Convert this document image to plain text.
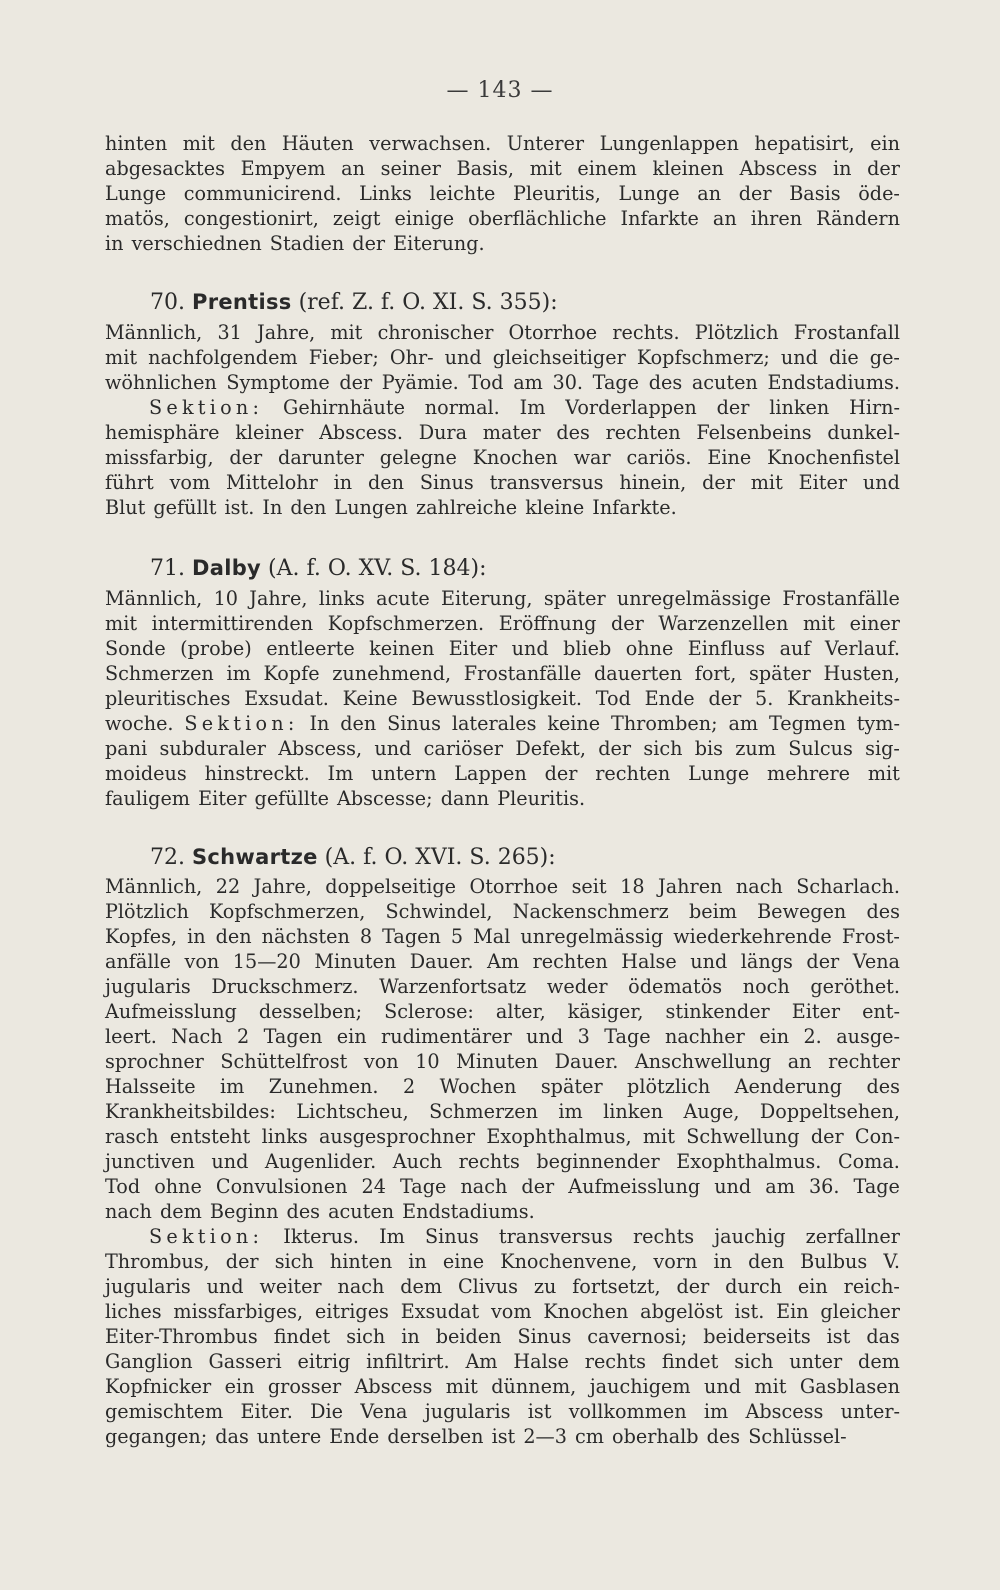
— 143 —
hinten mit den Häuten verwachsen. Unterer Lungenlappen hepatisirt, ein
abgesacktes Empyem an seiner Basis, mit einem kleinen Abscess in der
Lunge communicirend. Links leichte Pleuritis, Lunge an der Basis öde-
matös, congestionirt, zeigt einige oberflächliche Infarkte an ihren Rändern
in verschiednen Stadien der Eiterung.
70. Prentiss (ref. Z. f. O. XI. S. 355):
Männlich, 31 Jahre, mit chronischer Otorrhoe rechts. Plötzlich Frostanfall
mit nachfolgendem Fieber; Ohr- und gleichseitiger Kopfschmerz; und die ge-
wöhnlichen Symptome der Pyämie. Tod am 30. Tage des acuten Endstadiums.
Sektion: Gehirnhäute normal. Im Vorderlappen der linken Hirn-
hemisphäre kleiner Abscess. Dura mater des rechten Felsenbeins dunkel-
missfarbig, der darunter gelegne Knochen war cariös. Eine Knochenfistel
führt vom Mittelohr in den Sinus transversus hinein, der mit Eiter und
Blut gefüllt ist. In den Lungen zahlreiche kleine Infarkte.
71. Dalby (A. f. O. XV. S. 184):
Männlich, 10 Jahre, links acute Eiterung, später unregelmässige Frostanfälle
mit intermittirenden Kopfschmerzen. Eröffnung der Warzenzellen mit einer
Sonde (probe) entleerte keinen Eiter und blieb ohne Einfluss auf Verlauf.
Schmerzen im Kopfe zunehmend, Frostanfälle dauerten fort, später Husten,
pleuritisches Exsudat. Keine Bewusstlosigkeit. Tod Ende der 5. Krankheits-
woche. Sektion: In den Sinus laterales keine Thromben; am Tegmen tym-
pani subduraler Abscess, und cariöser Defekt, der sich bis zum Sulcus sig-
moideus hinstreckt. Im untern Lappen der rechten Lunge mehrere mit
fauligem Eiter gefüllte Abscesse; dann Pleuritis.
72. Schwartze (A. f. O. XVI. S. 265):
Männlich, 22 Jahre, doppelseitige Otorrhoe seit 18 Jahren nach Scharlach.
Plötzlich Kopfschmerzen, Schwindel, Nackenschmerz beim Bewegen des
Kopfes, in den nächsten 8 Tagen 5 Mal unregelmässig wiederkehrende Frost-
anfälle von 15—20 Minuten Dauer. Am rechten Halse und längs der Vena
jugularis Druckschmerz. Warzenfortsatz weder ödematös noch geröthet.
Aufmeisslung desselben; Sclerose: alter, käsiger, stinkender Eiter ent-
leert. Nach 2 Tagen ein rudimentärer und 3 Tage nachher ein 2. ausge-
sprochner Schüttelfrost von 10 Minuten Dauer. Anschwellung an rechter
Halsseite im Zunehmen. 2 Wochen später plötzlich Aenderung des
Krankheitsbildes: Lichtscheu, Schmerzen im linken Auge, Doppeltsehen,
rasch entsteht links ausgesprochner Exophthalmus, mit Schwellung der Con-
junctiven und Augenlider. Auch rechts beginnender Exophthalmus. Coma.
Tod ohne Convulsionen 24 Tage nach der Aufmeisslung und am 36. Tage
nach dem Beginn des acuten Endstadiums.
Sektion: Ikterus. Im Sinus transversus rechts jauchig zerfallner
Thrombus, der sich hinten in eine Knochenvene, vorn in den Bulbus V.
jugularis und weiter nach dem Clivus zu fortsetzt, der durch ein reich-
liches missfarbiges, eitriges Exsudat vom Knochen abgelöst ist. Ein gleicher
Eiter-Thrombus findet sich in beiden Sinus cavernosi; beiderseits ist das
Ganglion Gasseri eitrig infiltrirt. Am Halse rechts findet sich unter dem
Kopfnicker ein grosser Abscess mit dünnem, jauchigem und mit Gasblasen
gemischtem Eiter. Die Vena jugularis ist vollkommen im Abscess unter-
gegangen; das untere Ende derselben ist 2—3 cm oberhalb des Schlüssel-
